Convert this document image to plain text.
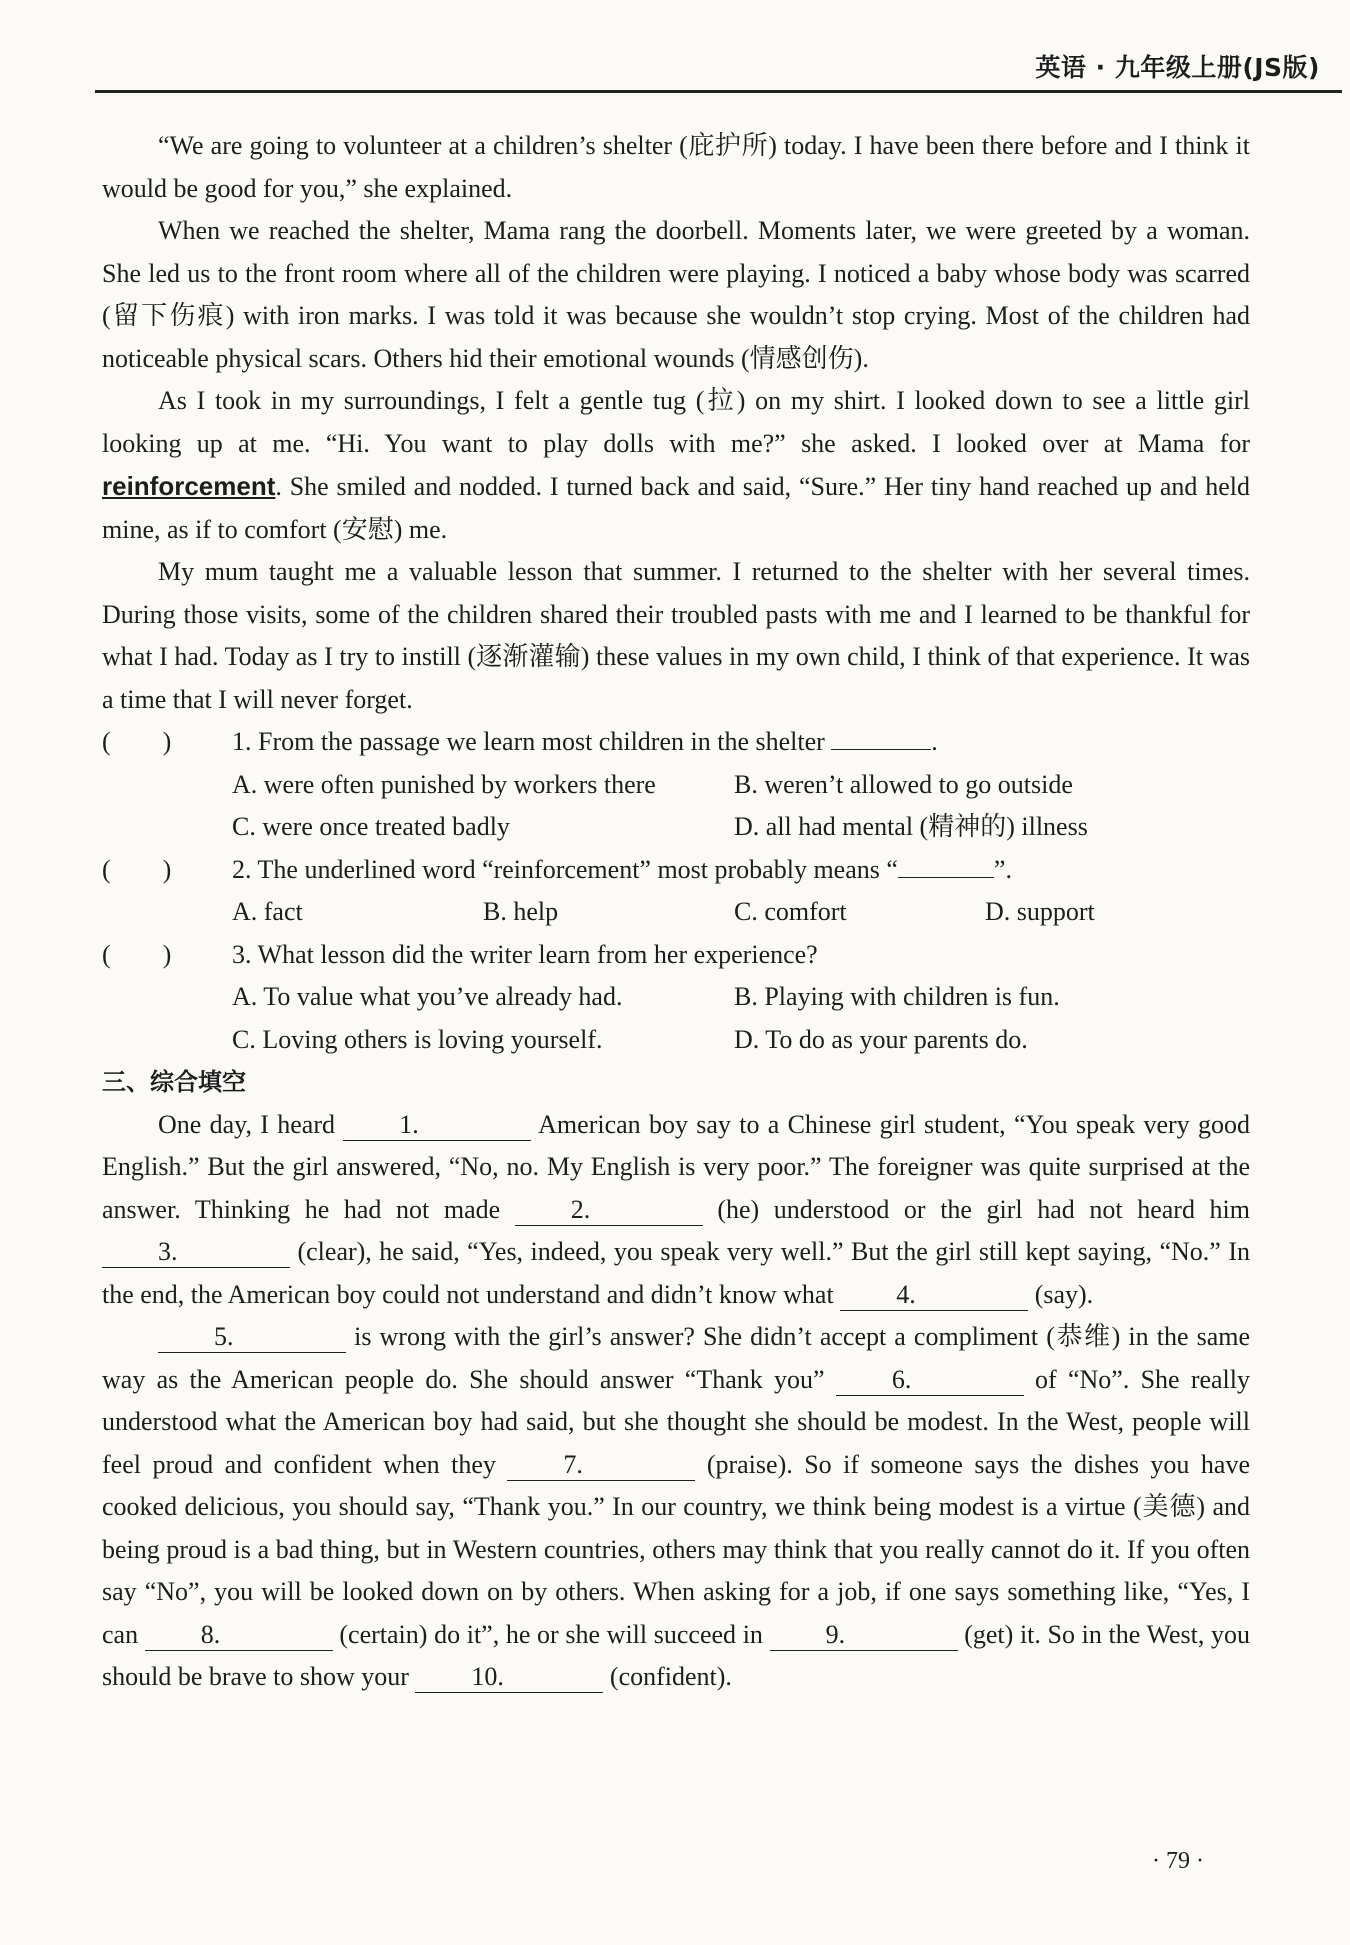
英语 · 九年级上册(JS版)

“We are going to volunteer at a children’s shelter (庇护所) today. I have been there before and I think it would be good for you,” she explained.

When we reached the shelter, Mama rang the doorbell. Moments later, we were greeted by a woman. She led us to the front room where all of the children were playing. I noticed a baby whose body was scarred (留下伤痕) with iron marks. I was told it was because she wouldn’t stop crying. Most of the children had noticeable physical scars. Others hid their emotional wounds (情感创伤).

As I took in my surroundings, I felt a gentle tug (拉) on my shirt. I looked down to see a little girl looking up at me. “Hi. You want to play dolls with me?” she asked. I looked over at Mama for reinforcement. She smiled and nodded. I turned back and said, “Sure.” Her tiny hand reached up and held mine, as if to comfort (安慰) me.

My mum taught me a valuable lesson that summer. I returned to the shelter with her several times. During those visits, some of the children shared their troubled pasts with me and I learned to be thankful for what I had. Today as I try to instill (逐渐灌输) these values in my own child, I think of that experience. It was a time that I will never forget.

(　　)	1. From the passage we learn most children in the shelter	.
A. were often punished by workers there	B. weren’t allowed to go outside
C. were once treated badly	D. all had mental (精神的) illness
(　　)	2. The underlined word “reinforcement” most probably means “	”.
A. fact	B. help	C. comfort	D. support
(　　)	3. What lesson did the writer learn from her experience?
A. To value what you’ve already had.	B. Playing with children is fun.
C. Loving others is loving yourself.	D. To do as your parents do.

三、综合填空

One day, I heard 1.	American boy say to a Chinese girl student, “You speak very good English.” But the girl answered, “No, no. My English is very poor.” The foreigner was quite surprised at the answer. Thinking he had not made 2.	(he) understood or the girl had not heard him 3.	(clear), he said, “Yes, indeed, you speak very well.” But the girl still kept saying, “No.” In the end, the American boy could not understand and didn’t know what 4.	(say).

5.	is wrong with the girl’s answer? She didn’t accept a compliment (恭维) in the same way as the American people do. She should answer “Thank you” 6.	of “No”. She really understood what the American boy had said, but she thought she should be modest. In the West, people will feel proud and confident when they 7.	(praise). So if someone says the dishes you have cooked delicious, you should say, “Thank you.” In our country, we think being modest is a virtue (美德) and being proud is a bad thing, but in Western countries, others may think that you really cannot do it. If you often say “No”, you will be looked down on by others. When asking for a job, if one says something like, “Yes, I can 8.	(certain) do it”, he or she will succeed in 9.	(get) it. So in the West, you should be brave to show your 10.	(confident).

· 79 ·
